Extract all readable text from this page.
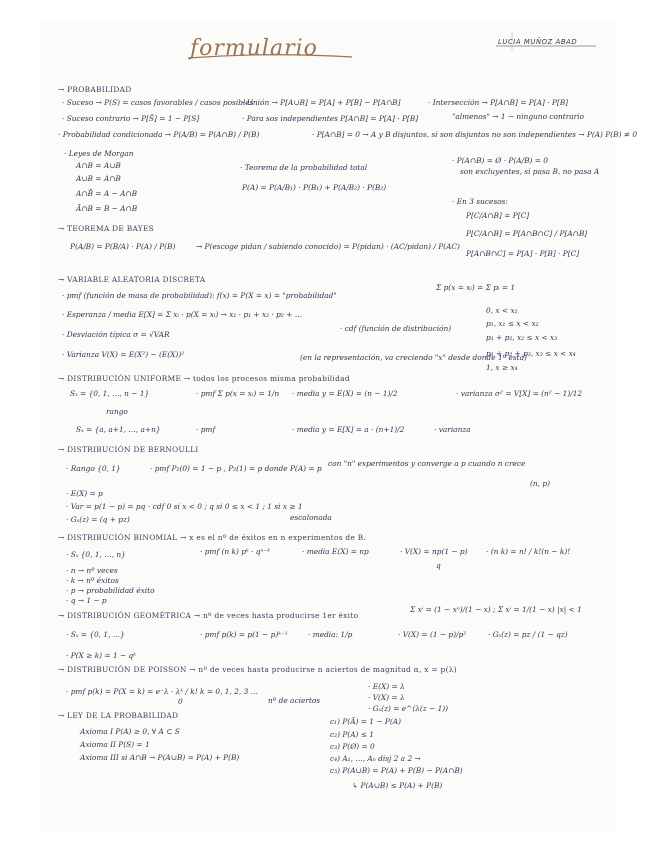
formulario	LUCIA MUÑOZ ABAD
→ PROBABILIDAD
· Suceso → P(S) = casos favorables / casos posibles
· Unión → P[A∪B] = P[A] + P[B] − P[A∩B]	· Intersección → P[A∩B] = P[A] · P[B]
· Suceso contrario → P[S̄] = 1 − P[S]	· Para sos independientes P[A∩B] = P[A] · P[B]	"almenos" → 1 − ninguno contrario
· Probabilidad condicionada → P(A/B) = P(A∩B) / P(B)	· P[A∩B] = 0 → A y B disjuntos, si son disjuntos no son independientes → P(A) P(B) ≠ 0
· Leyes de Morgan
A∩B = A∪B
A∪B = A∩B
A∩B̄ = A − A∩B
Ā∩B = B − A∩B
· Teorema de la probabilidad total
P(A) = P(A/B₁) · P(B₁) + P(A/B₂) · P(B₂)
· P(A∩B) = Ø · P(A/B) = 0
son excluyentes, si pasa B, no pasa A
· En 3 sucesos:
P[C/A∩B] = P[C]
P[C/A∩B] = P[A∩B∩C] / P[A∩B]
P[A∩B∩C] = P[A] · P[B] · P[C]
→ TEOREMA DE BAYES
P(A/B) = P(B/A) · P(A) / P(B)	→ P(escoge pidan / sabiendo conocido) = P(pidan) · (AC/pidan) / P(AC)
→ VARIABLE ALEATORIA DISCRETA
· pmf (función de masa de probabilidad): f(x) = P(X = x) = "probabilidad"
Σ p(x = xᵢ) = Σ pᵢ = 1
· Esperanza / media E[X] = Σ xᵢ · p(X = xᵢ) → x₁ · p₁ + x₂ · p₂ + …
· Desviación típica σ = √VAR
· cdf (función de distribución)
· Varianza V(X) = E(X²) − (E(X))²
0, x < x₁
p₁, x₁ ≤ x < x₂
p₁ + p₂, x₂ ≤ x < x₃
p₁ + p₂ + p₃, x₃ ≤ x < x₄
1, x ≥ x₄
(en la representación, va creciendo "x" desde donde 1º está)
→ DISTRIBUCIÓN UNIFORME → todos los procesos misma probabilidad
Sₓ = {0, 1, …, n − 1}	· pmf Σ p(x = xᵢ) = 1/n · media y = E(X) = (n − 1)/2	· varianza σ² = V[X] = (n² − 1)/12
rango
Sₓ = {a, a+1, …, a+n}	· pmf	· media y = E[X] = a · (n+1)/2	· varianza
→ DISTRIBUCIÓN DE BERNOULLI
· Rango {0, 1}	· pmf P₂(0) = 1 − p , P₂(1) = p donde P(A) = p
con "n" experimentos y converge a p cuando n crece
(n, p)
· E(X) = p
· Var = p(1 − p) = pq · cdf 0 si x < 0 ; q si 0 ≤ x < 1 ; 1 si x ≥ 1
escalonada
· Gₓ(z) = (q + pz)
→ DISTRIBUCIÓN BINOMIAL → x es el nº de éxitos en n experimentos de B.
· Sₓ {0, 1, …, n}	· pmf (n k) pᵏ · qⁿ⁻ᵏ	· media E(X) = np	· V(X) = np(1 − p)
q
· (n k) = n! / k!(n − k)!
· n → nº veces
· k → nº éxitos
· p → probabilidad éxito
· q → 1 − p
→ DISTRIBUCIÓN GEOMÉTRICA → nº de veces hasta producirse 1er éxito
Σ xⁱ = (1 − xⁿ)/(1 − x) ; Σ xⁱ = 1/(1 − x) |x| < 1
· Sₓ = {0, 1, …}	· pmf p(k) = p(1 − p)ᵏ⁻¹	· media: 1/p	· V(X) = (1 − p)/p²	· Gₓ(z) = pz / (1 − qz)
· P(X ≥ k) = 1 − qᵏ
→ DISTRIBUCIÓN DE POISSON → nº de veces hasta producirse n aciertos de magnitud α, x = p(λ)
· pmf p(k) = P(X = k) = e⁻λ · λᵏ / k! k = 0, 1, 2, 3 …
0	nº de aciertos
· E(X) = λ
· V(X) = λ
· Gₓ(z) = e^(λ(z − 1))
→ LEY DE LA PROBABILIDAD
Axioma I P(A) ≥ 0, ∀ A ⊂ S
Axioma II P(S) = 1
Axioma III si A∩B → P(A∪B) = P(A) + P(B)
c₁) P(Ā) = 1 − P(A)
c₂) P(A) ≤ 1
c₃) P(Ø) = 0
c₄) A₁, …, Aₙ disj 2 a 2 →
c₅) P(A∪B) = P(A) + P(B) − P(A∩B)
↳ P(A∪B) ≤ P(A) + P(B)
